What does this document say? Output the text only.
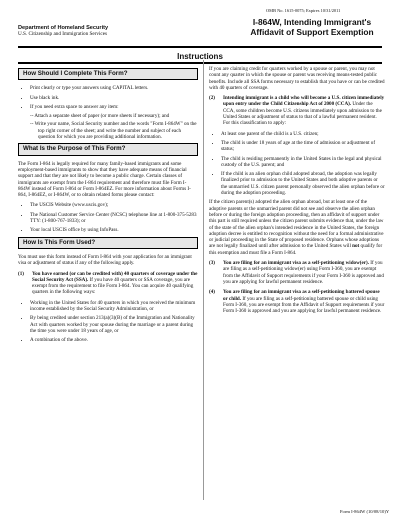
OMB No. 1615-0075; Expires 10/31/2011
Department of Homeland Security
U.S. Citizenship and Immigration Services
I-864W, Intending Immigrant's
Affidavit of Support Exemption
Instructions
How Should I Complete This Form?
• Print clearly or type your answers using CAPITAL letters.
• Use black ink.
• If you need extra space to answer any item:
-- Attach a separate sheet of paper (or more sheets if necessary); and
-- Write your name, Social Security number and the words "Form I-864W" on the top right corner of the sheet; and write the number and subject of each question for which you are providing additional information.
What Is the Purpose of This Form?

The Form I-864 is legally required for many family-based immigrants and some employment-based immigrants to show that they have adequate means of financial support and that they are not likely to become a public charge. Certain classes of immigrants are exempt from the I-864 requirement and therefore must file Form I-864W instead of Form I-864 or Form I-864EZ. For more information about Forms I-864, I-864EZ, or I-864W, or to obtain related forms please contact:

• The USCIS Website (www.uscis.gov);
• The National Customer Service Center (NCSC) telephone line at 1-800-375-5283 TTY: (1-800-767-1833); or
• Your local USCIS office by using InfoPass.
How Is This Form Used?

You must use this form instead of Form I-864 with your application for an immigrant visa or adjustment of status if any of the following apply.

(1) You have earned (or can be credited with) 40 quarters of coverage under the Social Security Act (SSA). If you have 40 quarters or SSA coverage, you are exempt from the requirement to file Form I-864. You can acquire 40 qualifying quarters in the following ways:
• Working in the United States for 40 quarters in which you received the minimum income established by the Social Security Administration, or
• By being credited under section 213(a)(3)(B) of the Immigration and Nationality Act with quarters worked by your spouse during the marriage or a parent during the time you were under 18 years of age, or
• A combination of the above.

If you are claiming credit for quarters worked by a spouse or parent, you may not count any quarter in which the spouse or parent was receiving means-tested public benefits. Include all SSA forms necessary to establish that you have or can be credited with 40 quarters of coverage.

(2) Intending immigrant is a child who will become a U.S. citizen immediately upon entry under the Child Citizenship Act of 2000 (CCA). Under the CCA, some children become U.S. citizens immediately upon admission to the United States or adjustment of status to that of a lawful permanent resident. For this classification to apply:
• At least one parent of the child is a U.S. citizen;
• The child is under 18 years of age at the time of admission or adjustment of status;
• The child is residing permanently in the United States in the legal and physical custody of the U.S. parent; and
• If the child is an alien orphan child adopted abroad, the adoption was legally finalized prior to admission to the United States and both adoptive parents or the unmarried U.S. citizen parent personally observed the alien orphan before or during the adoption proceeding.

If the citizen parent(s) adopted the alien orphan abroad, but at least one of the adoptive parents or the unmarried parent did not see and observe the alien orphan before or during the foreign adoption proceeding, then an affidavit of support under this part is still required unless the citizen parent submits evidence that, under the law of the state of the alien orphan's intended residence in the United States, the foreign adoption decree is entitled to recognition without the need for a formal administrative or judicial proceeding in the State of proposed residence. Orphans whose adoptions are not legally finalized until after admission to the United States will not qualify for this exemption and must file a Form I-864.

(3) You are filing for an immigrant visa as a self-petitioning widow(er). If you are filing as a self-petitioning widow(er) using Form I-360, you are exempt from the Affidavit of Support requirements if your Form I-360 is approved and you are applying for lawful permanent residence.
(4) You are filing for an immigrant visa as a self-petitioning battered spouse or child. If you are filing as a self-petitioning battered spouse or child using Form I-360, you are exempt from the Affidavit of Support requirements if your Form I-360 is approved and you are applying for lawful permanent residence.
Form I-864W (10/08/10)Y
